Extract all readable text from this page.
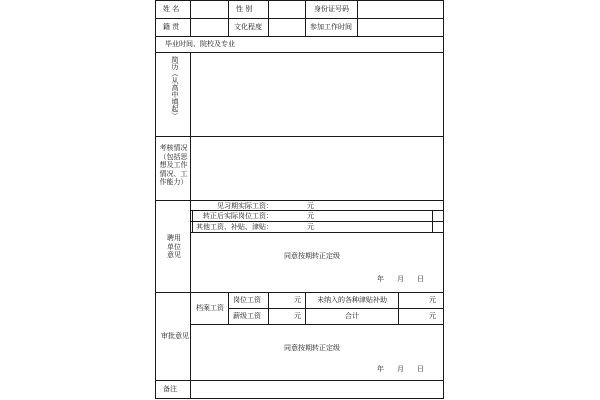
姓 名	性 别	身份证号码
籍 贯	文化程度	参加工作时间
毕业时间、院校及专业
简历（从高中填起）
考核情况（包括思想及工作情况、工作能力）
聘用单位意见
见习期实际工资：	元
转正后实际岗位工资：	元
其他工资、补贴、津贴：	元
同意按期转正定级
年 月 日
审批意见
档案工资
岗位工资	元 未纳入的各种津贴补助	元
薪级工资	元	合计	元
同意按期转正定级
年 月 日
备注
